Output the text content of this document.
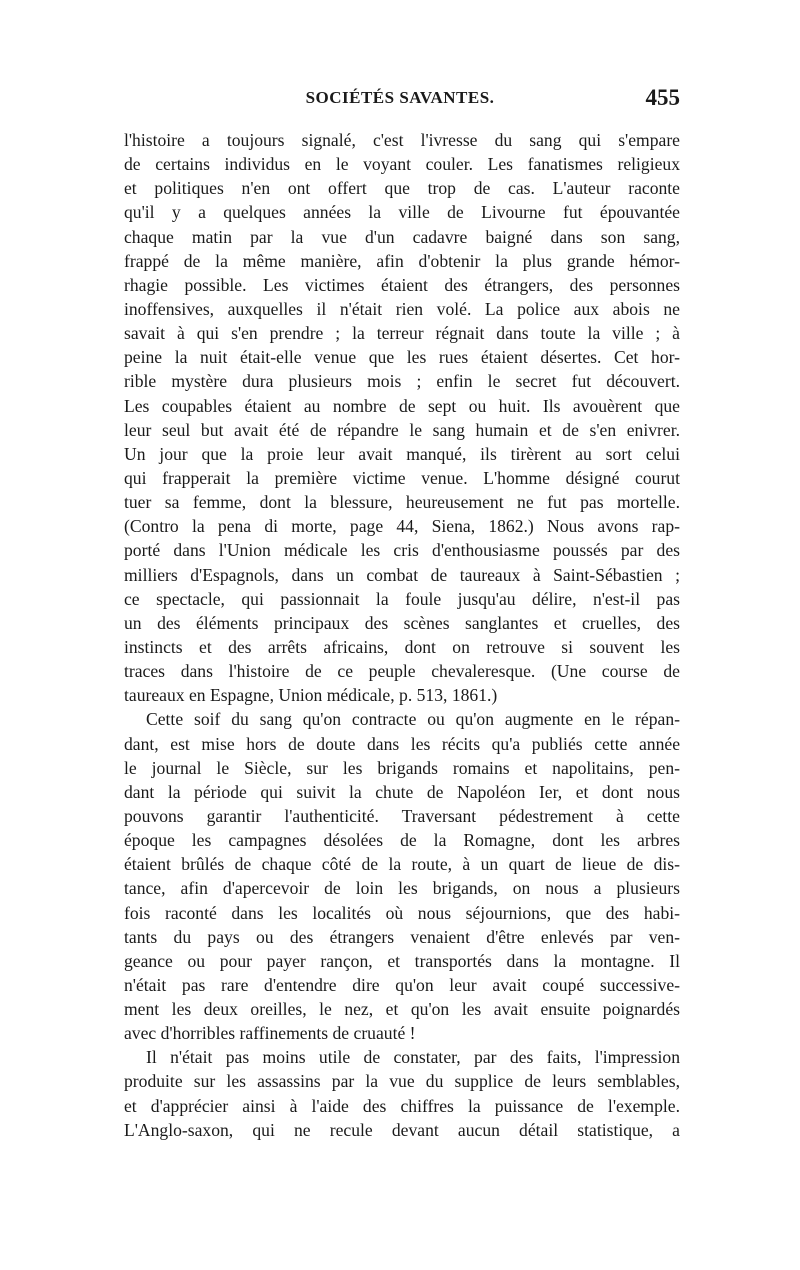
SOCIÉTÉS SAVANTES.	455
l'histoire a toujours signalé, c'est l'ivresse du sang qui s'empare
de certains individus en le voyant couler. Les fanatismes religieux
et politiques n'en ont offert que trop de cas. L'auteur raconte
qu'il y a quelques années la ville de Livourne fut épouvantée
chaque matin par la vue d'un cadavre baigné dans son sang,
frappé de la même manière, afin d'obtenir la plus grande hémor-
rhagie possible. Les victimes étaient des étrangers, des personnes
inoffensives, auxquelles il n'était rien volé. La police aux abois ne
savait à qui s'en prendre ; la terreur régnait dans toute la ville ; à
peine la nuit était-elle venue que les rues étaient désertes. Cet hor-
rible mystère dura plusieurs mois ; enfin le secret fut découvert.
Les coupables étaient au nombre de sept ou huit. Ils avouèrent que
leur seul but avait été de répandre le sang humain et de s'en enivrer.
Un jour que la proie leur avait manqué, ils tirèrent au sort celui
qui frapperait la première victime venue. L'homme désigné courut
tuer sa femme, dont la blessure, heureusement ne fut pas mortelle.
(Contro la pena di morte, page 44, Siena, 1862.) Nous avons rap-
porté dans l'Union médicale les cris d'enthousiasme poussés par des
milliers d'Espagnols, dans un combat de taureaux à Saint-Sébastien ;
ce spectacle, qui passionnait la foule jusqu'au délire, n'est-il pas
un des éléments principaux des scènes sanglantes et cruelles, des
instincts et des arrêts africains, dont on retrouve si souvent les
traces dans l'histoire de ce peuple chevaleresque. (Une course de
taureaux en Espagne, Union médicale, p. 513, 1861.)
Cette soif du sang qu'on contracte ou qu'on augmente en le répan-
dant, est mise hors de doute dans les récits qu'a publiés cette année
le journal le Siècle, sur les brigands romains et napolitains, pen-
dant la période qui suivit la chute de Napoléon Ier, et dont nous
pouvons garantir l'authenticité. Traversant pédestrement à cette
époque les campagnes désolées de la Romagne, dont les arbres
étaient brûlés de chaque côté de la route, à un quart de lieue de dis-
tance, afin d'apercevoir de loin les brigands, on nous a plusieurs
fois raconté dans les localités où nous séjournions, que des habi-
tants du pays ou des étrangers venaient d'être enlevés par ven-
geance ou pour payer rançon, et transportés dans la montagne. Il
n'était pas rare d'entendre dire qu'on leur avait coupé successive-
ment les deux oreilles, le nez, et qu'on les avait ensuite poignardés
avec d'horribles raffinements de cruauté !
Il n'était pas moins utile de constater, par des faits, l'impression
produite sur les assassins par la vue du supplice de leurs semblables,
et d'apprécier ainsi à l'aide des chiffres la puissance de l'exemple.
L'Anglo-saxon, qui ne recule devant aucun détail statistique, a
